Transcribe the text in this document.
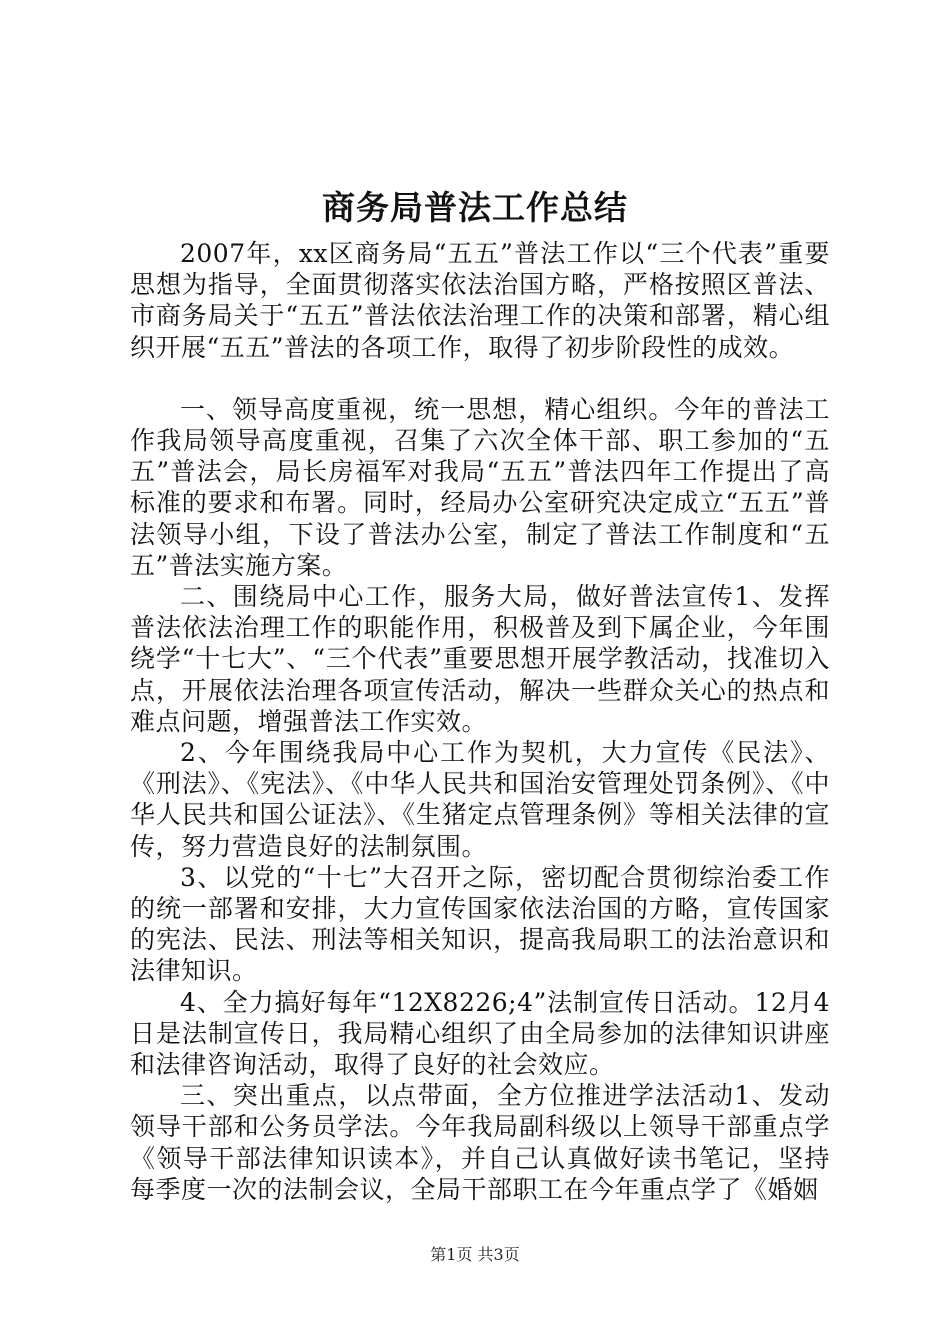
商务局普法工作总结

2007年，xx区商务局“五五”普法工作以“三个代表”重要思想为指导，全面贯彻落实依法治国方略，严格按照区普法、市商务局关于“五五”普法依法治理工作的决策和部署，精心组织开展“五五”普法的各项工作，取得了初步阶段性的成效。

一、领导高度重视，统一思想，精心组织。今年的普法工作我局领导高度重视，召集了六次全体干部、职工参加的“五五”普法会，局长房福军对我局“五五”普法四年工作提出了高标准的要求和布署。同时，经局办公室研究决定成立“五五”普法领导小组，下设了普法办公室，制定了普法工作制度和“五五”普法实施方案。

二、围绕局中心工作，服务大局，做好普法宣传1、发挥普法依法治理工作的职能作用，积极普及到下属企业，今年围绕学“十七大”、“三个代表”重要思想开展学教活动，找准切入点，开展依法治理各项宣传活动，解决一些群众关心的热点和难点问题，增强普法工作实效。

2、今年围绕我局中心工作为契机，大力宣传《民法》、《刑法》、《宪法》、《中华人民共和国治安管理处罚条例》、《中华人民共和国公证法》、《生猪定点管理条例》等相关法律的宣传，努力营造良好的法制氛围。

3、以党的“十七”大召开之际，密切配合贯彻综治委工作的统一部署和安排，大力宣传国家依法治国的方略，宣传国家的宪法、民法、刑法等相关知识，提高我局职工的法治意识和法律知识。

4、全力搞好每年“12X8226;4”法制宣传日活动。12月4日是法制宣传日，我局精心组织了由全局参加的法律知识讲座和法律咨询活动，取得了良好的社会效应。

三、突出重点，以点带面，全方位推进学法活动1、发动领导干部和公务员学法。今年我局副科级以上领导干部重点学《领导干部法律知识读本》，并自己认真做好读书笔记，坚持每季度一次的法制会议，全局干部职工在今年重点学了《婚姻

第1页 共3页
